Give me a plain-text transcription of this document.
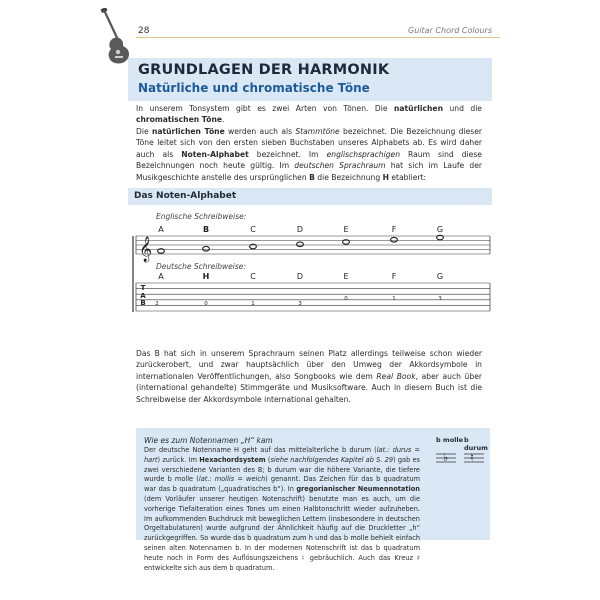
28	Guitar Chord Colours
GRUNDLAGEN DER HARMONIK
Natürliche und chromatische Töne
In unserem Tonsystem gibt es zwei Arten von Tönen. Die natürlichen und die chromatischen Töne.
Die natürlichen Töne werden auch als Stammtöne bezeichnet. Die Bezeichnung dieser Töne leitet sich von den ersten sieben Buchstaben unseres Alphabets ab. Es wird daher auch als Noten-Alphabet bezeichnet. Im englischsprachigen Raum sind diese Bezeichnungen noch heute gültig. Im deutschen Sprachraum hat sich im Laufe der Musikgeschichte anstelle des ursprünglichen B die Bezeichnung H etabliert:
Das Noten-Alphabet
Englische Schreibweise:
Deutsche Schreibweise:
A	B	C	D	E	F	G
A	H	C	D	E	F	G
𝄞
T
A
B	2	0	1	3
0	1	3
Das B hat sich in unserem Sprachraum seinen Platz allerdings teilweise schon wieder zurückerobert, und zwar hauptsächlich über den Umweg der Akkordsymbole in internationalen Veröffentlichungen, also Songbooks wie dem Real Book, aber auch über (international gehandelte) Stimmgeräte und Musiksoftware. Auch in diesem Buch ist die Schreibweise der Akkordsymbole international gehalten.
Wie es zum Notennamen „H“ kam	b molle b durum
♭ ♮
Der deutsche Notenname H geht auf das mittelalterliche b durum (lat.: durus = hart) zurück. Im Hexachordsystem (siehe nachfolgendes Kapitel ab S. 29) gab es zwei verschiedene Varianten des B; b durum war die höhere Variante, die tiefere wurde b molle (lat.: mollis = weich) genannt. Das Zeichen für das b quadratum war das b quadratum („quadratisches b“). In gregorianischer Neumennotation (dem Vorläufer unserer heutigen Notenschrift) benutzte man es auch, um die vorherige Tiefalteration eines Tones um einen Halbtonschritt wieder aufzuheben. Im aufkommenden Buchdruck mit beweglichen Lettern (insbesondere in deutschen Orgeltabulaturen) wurde aufgrund der Ähnlichkeit häufig auf die Druckletter „h“ zurückgegriffen. So wurde das b quadratum zum h und das b molle behielt einfach seinen alten Notennamen b. In der modernen Notenschrift ist das b quadratum heute noch in Form des Auflösungszeichens ♮ gebräuchlich. Auch das Kreuz ♯ entwickelte sich aus dem b quadratum.
